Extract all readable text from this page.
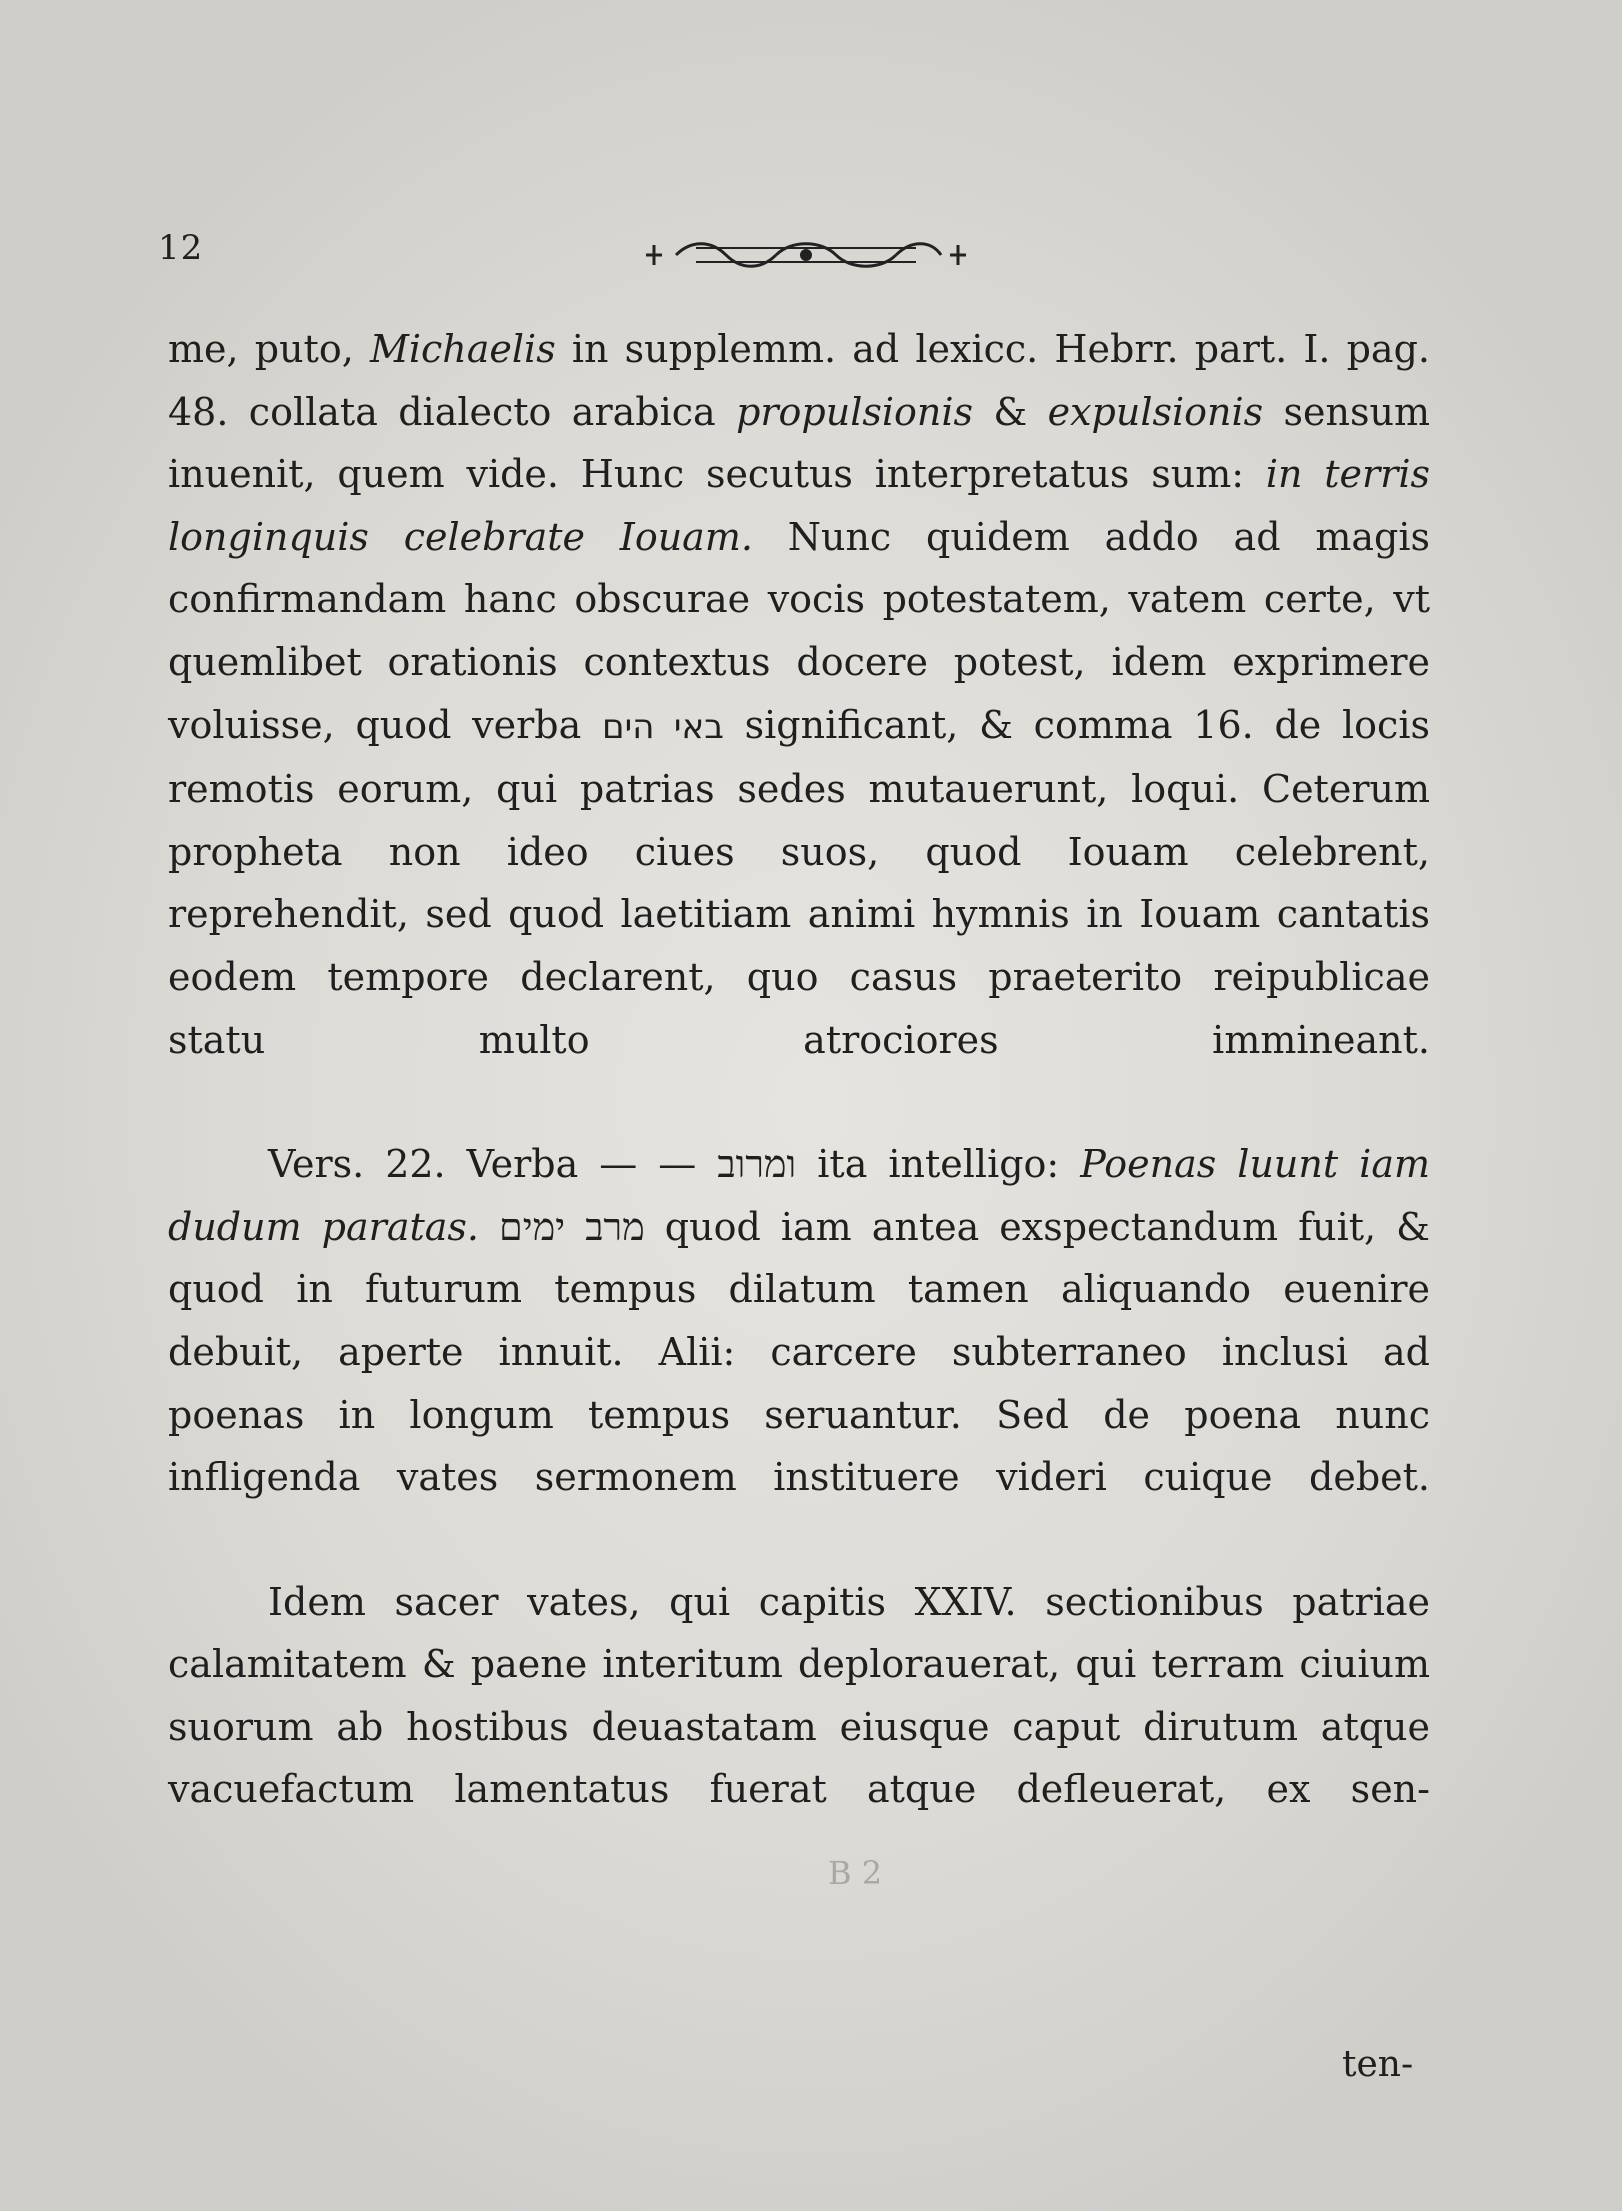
12

me, puto, Michaelis in supplemm. ad lexicc. Hebrr. part. I. pag. 48. collata dialecto arabica propulsionis & expulsionis sensum inuenit, quem vide. Hunc secutus interpretatus sum: in terris longinquis celebrate Iouam. Nunc quidem addo ad magis confirmandam hanc obscurae vocis potestatem, vatem certe, vt quemlibet orationis contextus docere potest, idem exprimere voluisse, quod verba באי הים significant, & comma 16. de locis remotis eorum, qui patrias sedes mutauerunt, loqui. Ceterum propheta non ideo ciues suos, quod Iouam celebrent, reprehendit, sed quod laetitiam animi hymnis in Iouam cantatis eodem tempore declarent, quo casus praeterito reipublicae statu multo atrociores immineant.

Vers. 22. Verba — — ומרוב ita intelligo: Poenas luunt iam dudum paratas. מרב ימים quod iam antea exspectandum fuit, & quod in futurum tempus dilatum tamen aliquando euenire debuit, aperte innuit. Alii: carcere subterraneo inclusi ad poenas in longum tempus seruantur. Sed de poena nunc infligenda vates sermonem instituere videri cuique debet.

Idem sacer vates, qui capitis XXIV. sectionibus patriae calamitatem & paene interitum deplorauerat, qui terram ciuium suorum ab hostibus deuastatam eiusque caput dirutum atque vacuefactum lamentatus fuerat atque defleuerat, ex sen-

B 2
ten-
